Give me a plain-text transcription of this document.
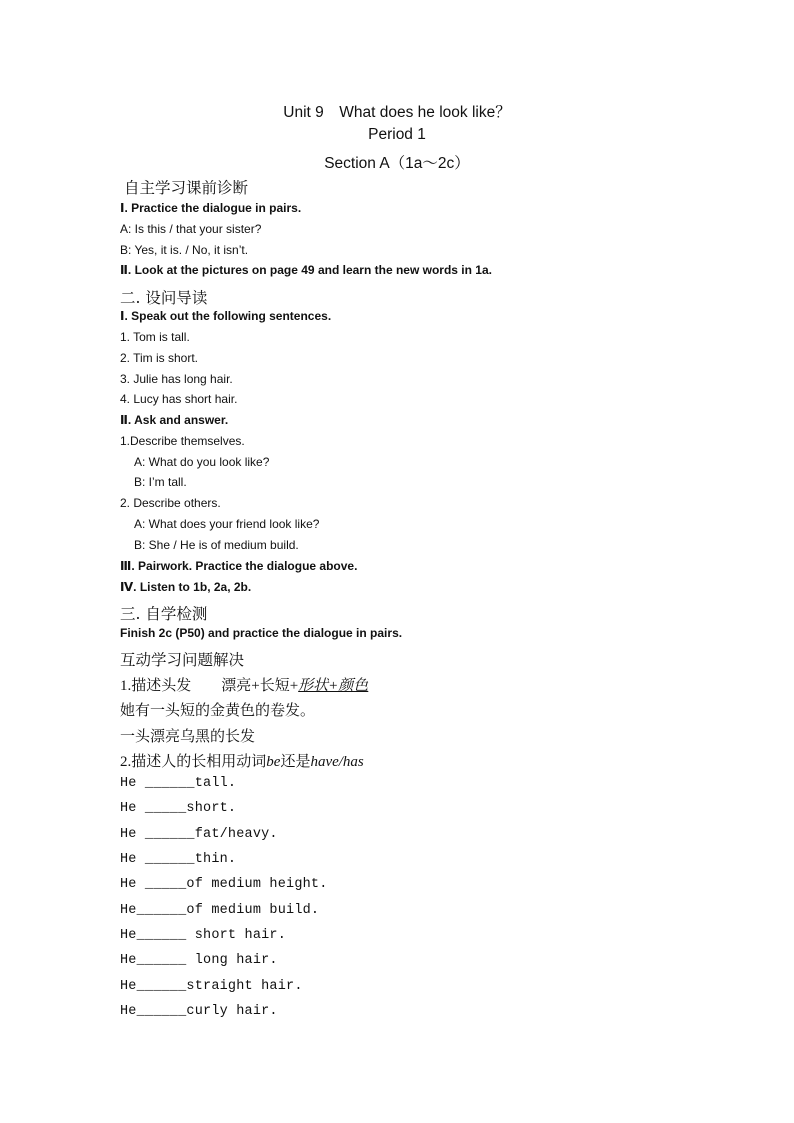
Unit 9　What does he look like？
Period 1
Section A（1a～2c）
自主学习课前诊断
Ⅰ. Practice the dialogue in pairs.
A: Is this / that your sister?
B: Yes, it is. / No, it isn’t.
Ⅱ. Look at the pictures on page 49 and learn the new words in 1a.
二. 设问导读
Ⅰ. Speak out the following sentences.
1. Tom is tall.
2. Tim is short.
3. Julie has long hair.
4. Lucy has short hair.
Ⅱ. Ask and answer.
1.Describe themselves.
A: What do you look like?
B: I’m tall.
2. Describe others.
A: What does your friend look like?
B: She / He is of medium build.
Ⅲ. Pairwork. Practice the dialogue above.
Ⅳ. Listen to 1b, 2a, 2b.
三. 自学检测
Finish 2c (P50) and practice the dialogue in pairs.
互动学习问题解决
1.描述头发　　漂亮+长短+形状+颜色
她有一头短的金黄色的卷发。
一头漂亮乌黑的长发
2.描述人的长相用动词be还是have/has
He ______tall.
He _____short.
He ______fat/heavy.
He ______thin.
He _____of medium height.
He______of medium build.
He______ short hair.
He______ long hair.
He______straight hair.
He______curly hair.
